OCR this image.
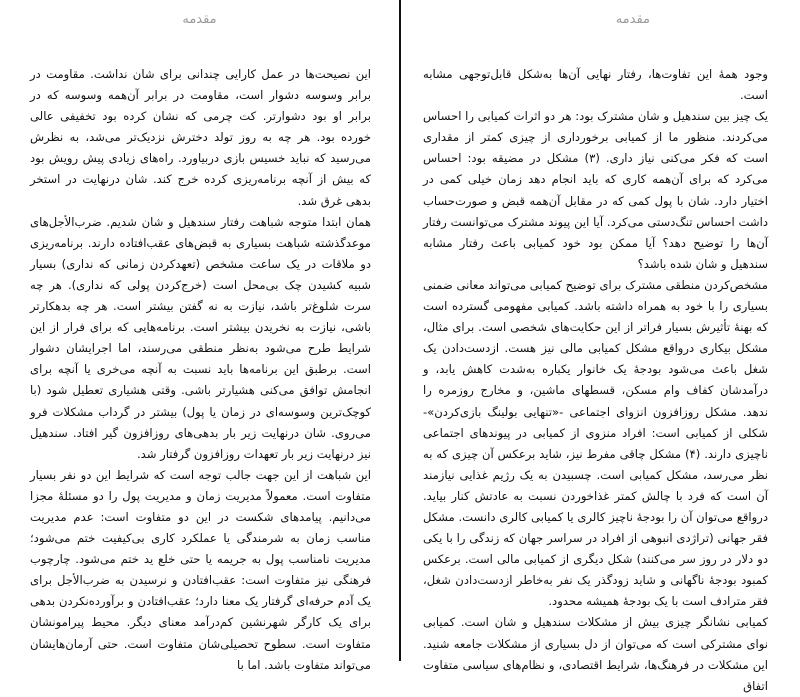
مقدمه

این نصیحت‌ها در عمل کارایی چندانی برای شان نداشت. مقاومت در برابر وسوسه دشوار است، مقاومت در برابر آن‌همه وسوسه که در برابر او بود دشوارتر. کت چرمی که نشان کرده بود تخفیفی عالی خورده بود. هر چه به روز تولد دخترش نزدیک‌تر می‌شد، به نظرش می‌رسید که نباید خسیس بازی دربیاورد. راه‌های زیادی پیش رویش بود که بیش از آنچه برنامه‌ریزی کرده خرج کند. شان درنهایت در استخر بدهی غرق شد.

همان ابتدا متوجه شباهت رفتار سندهیل و شان شدیم. ضرب‌الأجل‌های موعدگذشته شباهت بسیاری به قبض‌های عقب‌افتاده دارند. برنامه‌ریزی دو ملاقات در یک ساعت مشخص (تعهدکردن زمانی که نداری) بسیار شبیه کشیدن چک بی‌محل است (خرج‌کردن پولی که نداری). هر چه سرت شلوغ‌تر باشد، نیازت به نه گفتن بیشتر است. هر چه بدهکارتر باشی، نیازت به نخریدن بیشتر است. برنامه‌هایی که برای فرار از این شرایط طرح می‌شود به‌نظر منطقی می‌رسند، اما اجرایشان دشوار است. برطبق این برنامه‌ها باید نسبت به آنچه می‌خری یا آنچه برای انجامش توافق می‌کنی هشیارتر باشی. وقتی هشیاری تعطیل شود (با کوچک‌ترین وسوسه‌ای در زمان یا پول) بیشتر در گرداب مشکلات فرو می‌روی. شان درنهایت زیر بار بدهی‌های روزافزون گیر افتاد. سندهیل نیز درنهایت زیر بار تعهدات روزافزون گرفتار شد.

این شباهت از این جهت جالب توجه است که شرایط این دو نفر بسیار متفاوت است. معمولاً مدیریت زمان و مدیریت پول را دو مسئلهٔ مجزا می‌دانیم. پیامدهای شکست در این دو متفاوت است: عدم مدیریت مناسب زمان به شرمندگی یا عملکرد کاری بی‌کیفیت ختم می‌شود؛ مدیریت نامناسب پول به جریمه یا حتی خلع ید ختم می‌شود. چارچوب فرهنگی نیز متفاوت است: عقب‌افتادن و نرسیدن به ضرب‌الأجل برای یک آدم حرفه‌ای گرفتار یک معنا دارد؛ عقب‌افتادن و برآورده‌نکردن بدهی برای یک کارگر شهرنشین کم‌درآمد معنای دیگر. محیط پیرامونشان متفاوت است. سطوح تحصیلی‌شان متفاوت است. حتی آرمان‌هایشان می‌تواند متفاوت باشد. اما با

مقدمه

وجود همهٔ این تفاوت‌ها، رفتار نهایی آن‌ها به‌شکل قابل‌توجهی مشابه است.

یک چیز بین سندهیل و شان مشترک بود: هر دو اثرات کمیابی را احساس می‌کردند. منظور ما از کمیابی برخورداری از چیزی کمتر از مقداری است که فکر می‌کنی نیاز داری. (۳) مشکل در مضیقه بود: احساس می‌کرد که برای آن‌همه کاری که باید انجام دهد زمان خیلی کمی در اختیار دارد. شان با پول کمی که در مقابل آن‌همه قبض و صورت‌حساب داشت احساس تنگ‌دستی می‌کرد. آیا این پیوند مشترک می‌توانست رفتار آن‌ها را توضیح دهد؟ آیا ممکن بود خود کمیابی باعث رفتار مشابه سندهیل و شان شده باشد؟

مشخص‌کردن منطقی مشترک برای توضیح کمیابی می‌تواند معانی ضمنی بسیاری را با خود به همراه داشته باشد. کمیابی مفهومی گسترده است که بهنهٔ تأثیرش بسیار فراتر از این حکایت‌های شخصی است. برای مثال، مشکل بیکاری درواقع مشکل کمیابی مالی نیز هست. ازدست‌دادن یک شغل باعث می‌شود بودجهٔ یک خانوار یکباره به‌شدت کاهش یابد، و درآمدشان کفاف وام مسکن، قسطهای ماشین، و مخارج روزمره را ندهد. مشکل روزافزون انزوای اجتماعی -«تنهایی بولینگ بازی‌کردن»- شکلی از کمیابی است: افراد منزوی از کمیابی در پیوندهای اجتماعی ناچیزی دارند. (۴) مشکل چاقی مفرط نیز، شاید برعکس آن چیزی که به نظر می‌رسد، مشکل کمیابی است. چسبیدن به یک رژیم غذایی نیازمند آن است که فرد با چالش کمتر غذاخوردن نسبت به عادتش کنار بیاید. درواقع می‌توان آن را بودجهٔ ناچیز کالری یا کمیابی کالری دانست. مشکل فقر جهانی (تراژدی انبوهی از افراد در سراسر جهان که زندگی را با یکی دو دلار در روز سر می‌کنند) شکل دیگری از کمیابی مالی است. برعکس کمبود بودجهٔ ناگهانی و شاید زودگذر یک نفر به‌خاطر ازدست‌دادن شغل، فقر مترادف است با یک بودجهٔ همیشه محدود.

کمیابی نشانگر چیزی بیش از مشکلات سندهیل و شان است. کمیابی نوای مشترکی است که می‌توان از دل بسیاری از مشکلات جامعه شنید. این مشکلات در فرهنگ‌ها، شرایط اقتصادی، و نظام‌های سیاسی متفاوت اتفاق
